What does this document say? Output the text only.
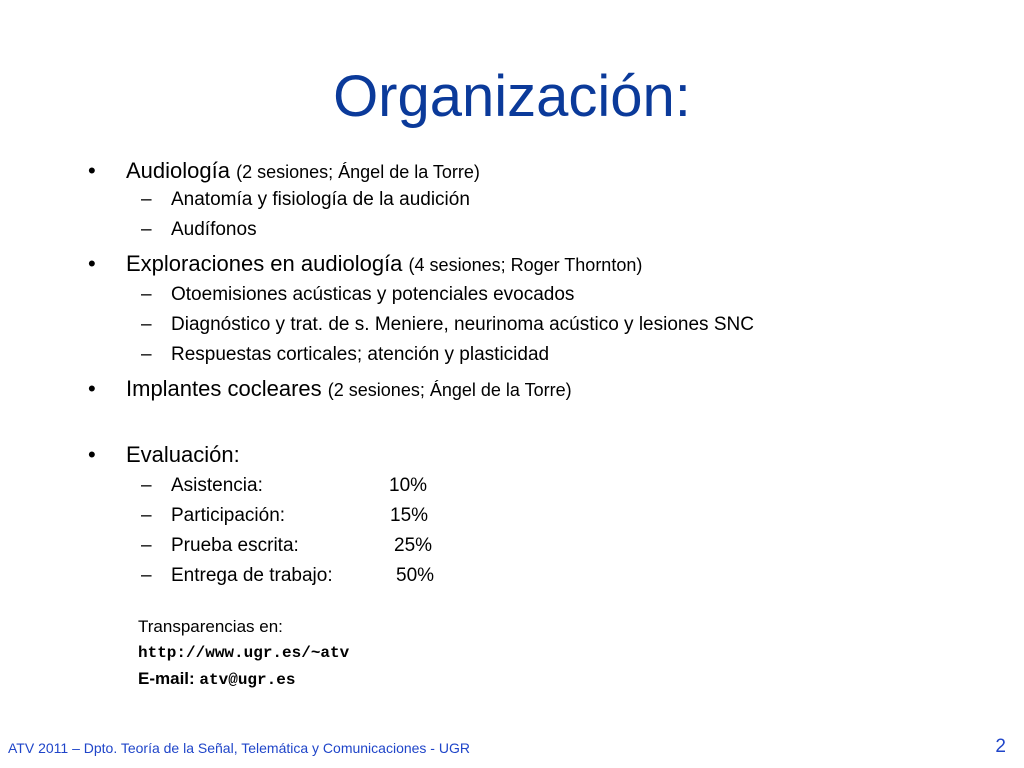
Organización:
• Audiología (2 sesiones; Ángel de la Torre)
– Anatomía y fisiología de la audición
– Audífonos
• Exploraciones en audiología (4 sesiones; Roger Thornton)
– Otoemisiones acústicas y potenciales evocados
– Diagnóstico y trat. de s. Meniere, neurinoma acústico y lesiones SNC
– Respuestas corticales; atención y plasticidad
• Implantes cocleares (2 sesiones; Ángel de la Torre)
• Evaluación:
– Asistencia:	10%
– Participación:	15%
– Prueba escrita:	25%
– Entrega de trabajo:	50%
Transparencias en:
http://www.ugr.es/~atv
E-mail: atv@ugr.es
ATV 2011 – Dpto. Teoría de la Señal, Telemática y Comunicaciones - UGR	2
